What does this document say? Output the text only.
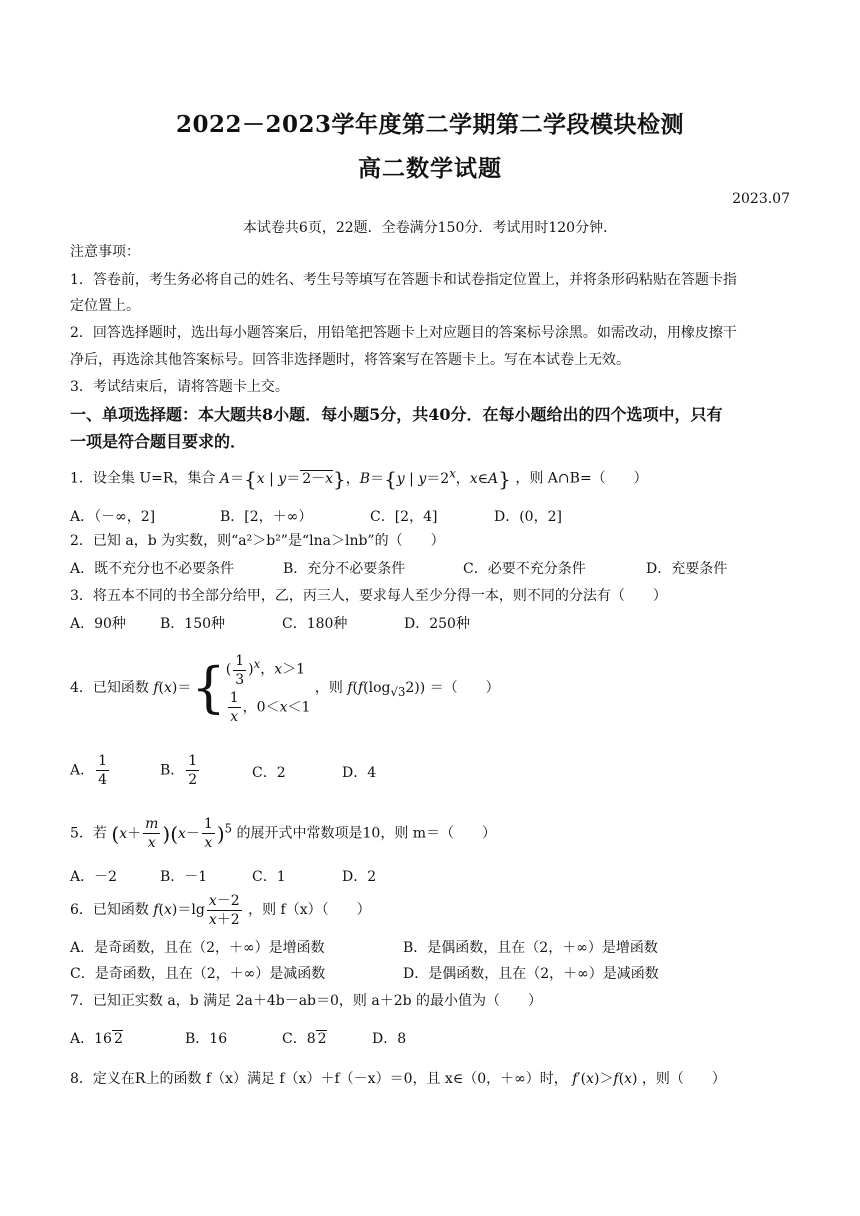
2022－2023学年度第二学期第二学段模块检测
高二数学试题
2023.07
本试卷共6页，22题．全卷满分150分．考试用时120分钟．
注意事项：
1．答卷前，考生务必将自己的姓名、考生号等填写在答题卡和试卷指定位置上，并将条形码粘贴在答题卡指
定位置上。
2．回答选择题时，选出每小题答案后，用铅笔把答题卡上对应题目的答案标号涂黑。如需改动，用橡皮擦干
净后，再选涂其他答案标号。回答非选择题时，将答案写在答题卡上。写在本试卷上无效。
3．考试结束后，请将答题卡上交。
一、单项选择题：本大题共8小题．每小题5分，共40分．在每小题给出的四个选项中，只有
一项是符合题目要求的．
1．设全集 U=R，集合 A＝{x | y＝ 2－x}，B＝{y | $y=2^x$，x∈A} ，则 A∩B=（　　）
A．（－∞，2]	B．[2，＋∞）	C．[2，4]	D．(0，2]
2．已知 a，b 为实数，则“a²＞b²”是“lna＞lnb”的（　　）
A．既不充分也不必要条件	B．充分不必要条件	C．必要不充分条件	D．充要条件
3．将五本不同的书全部分给甲，乙，丙三人，要求每人至少分得一本，则不同的分法有（　　）
A．90种 B．150种	C．180种	D．250种
4．已知函数 f(x)＝{ ( $\frac{1}{3} )^x$，x＞1
$\frac{1}{x}$ ，0＜x＜1
，则 $f(f(\log_{√3}2))$ ＝（　　）
A． $\frac{1}{4}$	B． $\frac{1}{2}$	C．2	D．4
5．若 $(x+ \frac{m}{x} )(x- \frac{1}{x} )^5$ 的展开式中常数项是10，则 m＝（　　）
A．－2	B．－1	C．1	D．2
6．已知函数 $f(x)=\lg \frac{x-2}{x+2}$ ，则 f（x）（　　）
A．是奇函数，且在（2，＋∞）是增函数	B．是偶函数，且在（2，＋∞）是增函数
C．是奇函数，且在（2，＋∞）是减函数	D．是偶函数，且在（2，＋∞）是减函数
7．已知正实数 a，b 满足 2a＋4b－ab＝0，则 a＋2b 的最小值为（　　）
A．16 2	B．16	C．8 2	D．8
8．定义在R上的函数 f（x）满足 f（x）＋f（－x）＝0，且 x∈（0，＋∞）时， f′(x)＞f(x) ，则（　　）
